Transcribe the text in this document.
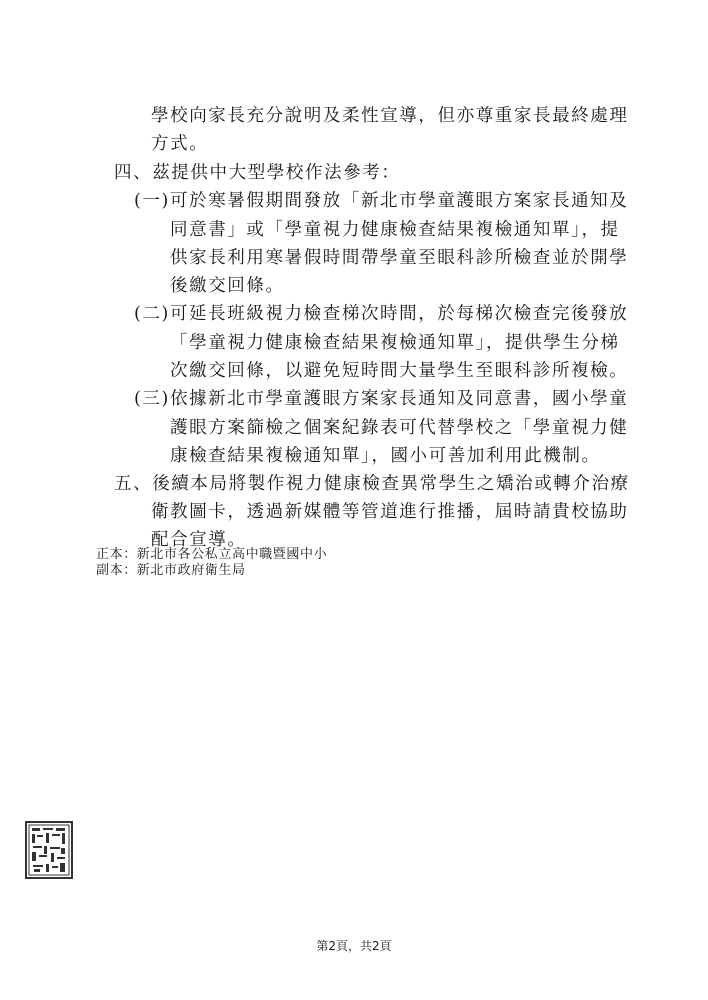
學校向家長充分說明及柔性宣導，但亦尊重家長最終處理
方式。
四、茲提供中大型學校作法參考：
(一)可於寒暑假期間發放「新北市學童護眼方案家長通知及
同意書」或「學童視力健康檢查結果複檢通知單」，提
供家長利用寒暑假時間帶學童至眼科診所檢查並於開學
後繳交回條。
(二)可延長班級視力檢查梯次時間，於每梯次檢查完後發放
「學童視力健康檢查結果複檢通知單」，提供學生分梯
次繳交回條，以避免短時間大量學生至眼科診所複檢。
(三)依據新北市學童護眼方案家長通知及同意書，國小學童
護眼方案篩檢之個案紀錄表可代替學校之「學童視力健
康檢查結果複檢通知單」，國小可善加利用此機制。
五、後續本局將製作視力健康檢查異常學生之矯治或轉介治療
衛教圖卡，透過新媒體等管道進行推播，屆時請貴校協助
配合宣導。
正本：新北市各公私立高中職暨國中小
副本：新北市政府衛生局
第2頁，共2頁
